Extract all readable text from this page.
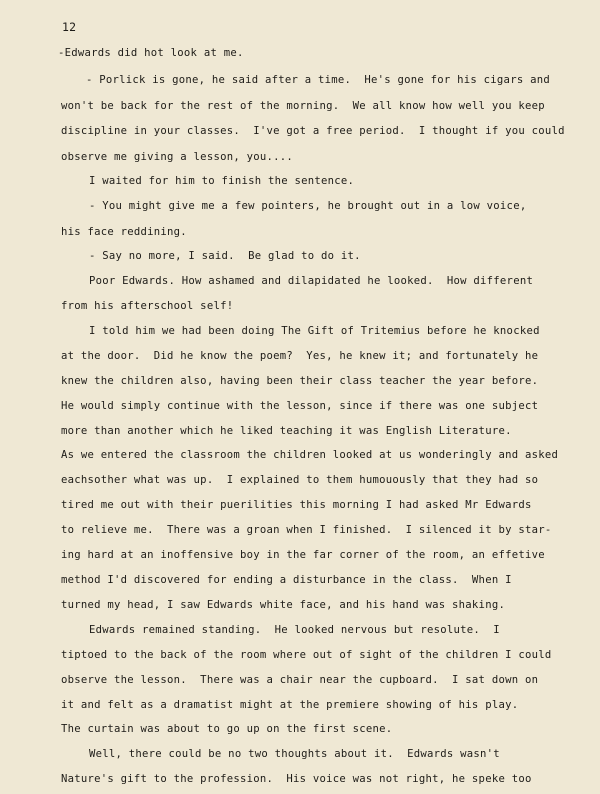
12
-Edwards did hot look at me.
- Porlick is gone, he said after a time.  He's gone for his cigars and
won't be back for the rest of the morning.  We all know how well you keep
discipline in your classes.  I've got a free period.  I thought if you could
observe me giving a lesson, you....
I waited for him to finish the sentence.
- You might give me a few pointers, he brought out in a low voice,
his face reddining.
- Say no more, I said.  Be glad to do it.
Poor Edwards. How ashamed and dilapidated he looked.  How different
from his afterschool self!
I told him we had been doing The Gift of Tritemius before he knocked
at the door.  Did he know the poem?  Yes, he knew it; and fortunately he
knew the children also, having been their class teacher the year before.
He would simply continue with the lesson, since if there was one subject
more than another which he liked teaching it was English Literature.
As we entered the classroom the children looked at us wonderingly and asked
eachsother what was up.  I explained to them humouously that they had so
tired me out with their puerilities this morning I had asked Mr Edwards
to relieve me.  There was a groan when I finished.  I silenced it by star-
ing hard at an inoffensive boy in the far corner of the room, an effetive
method I'd discovered for ending a disturbance in the class.  When I
turned my head, I saw Edwards white face, and his hand was shaking.
Edwards remained standing.  He looked nervous but resolute.  I
tiptoed to the back of the room where out of sight of the children I could
observe the lesson.  There was a chair near the cupboard.  I sat down on
it and felt as a dramatist might at the premiere showing of his play.
The curtain was about to go up on the first scene.
Well, there could be no two thoughts about it.  Edwards wasn't
Nature's gift to the profession.  His voice was not right, he speke too
